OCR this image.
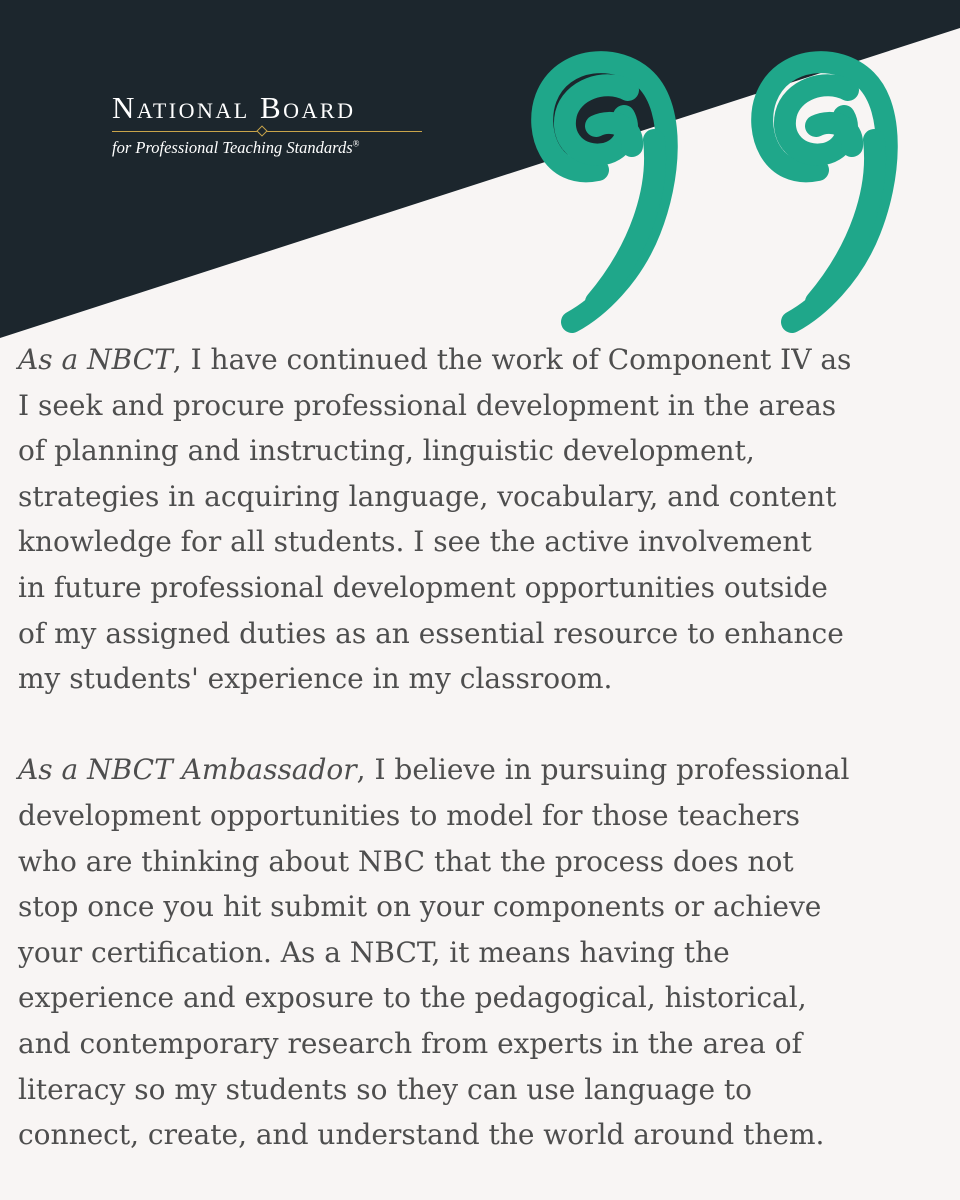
National Board
for Professional Teaching Standards®

As a NBCT, I have continued the work of Component IV as
I seek and procure professional development in the areas
of planning and instructing, linguistic development,
strategies in acquiring language, vocabulary, and content
knowledge for all students. I see the active involvement
in future professional development opportunities outside
of my assigned duties as an essential resource to enhance
my students' experience in my classroom.

As a NBCT Ambassador, I believe in pursuing professional
development opportunities to model for those teachers
who are thinking about NBC that the process does not
stop once you hit submit on your components or achieve
your certification. As a NBCT, it means having the
experience and exposure to the pedagogical, historical,
and contemporary research from experts in the area of
literacy so my students so they can use language to
connect, create, and understand the world around them.
